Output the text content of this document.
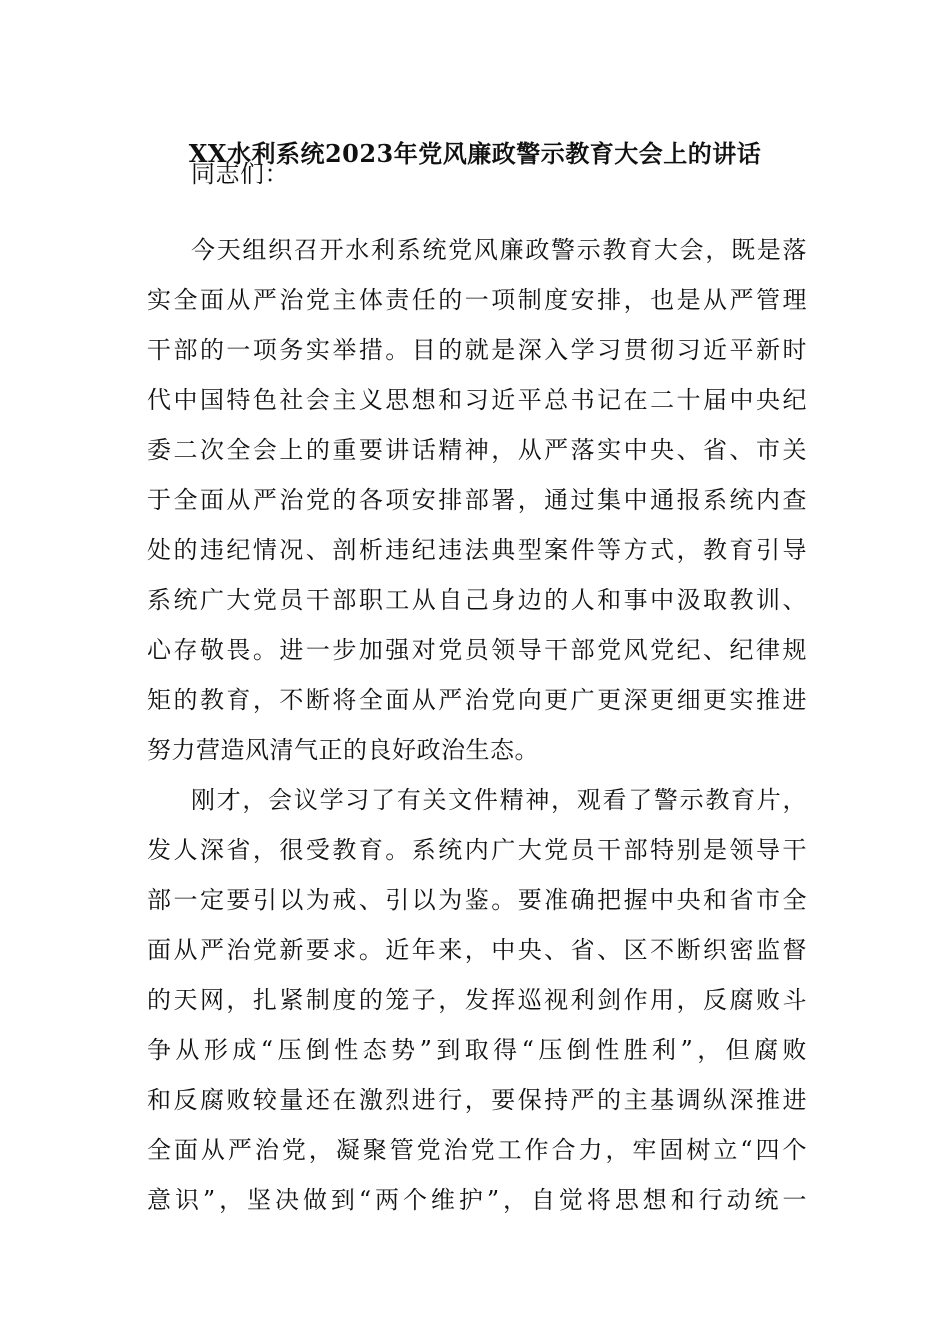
XX水利系统2023年党风廉政警示教育大会上的讲话
同志们：
今天组织召开水利系统党风廉政警示教育大会，既是落
实全面从严治党主体责任的一项制度安排，也是从严管理
干部的一项务实举措。目的就是深入学习贯彻习近平新时
代中国特色社会主义思想和习近平总书记在二十届中央纪
委二次全会上的重要讲话精神，从严落实中央、省、市关
于全面从严治党的各项安排部署，通过集中通报系统内查
处的违纪情况、剖析违纪违法典型案件等方式，教育引导
系统广大党员干部职工从自己身边的人和事中汲取教训、
心存敬畏。进一步加强对党员领导干部党风党纪、纪律规
矩的教育，不断将全面从严治党向更广更深更细更实推进
努力营造风清气正的良好政治生态。
刚才，会议学习了有关文件精神，观看了警示教育片，
发人深省，很受教育。系统内广大党员干部特别是领导干
部一定要引以为戒、引以为鉴。要准确把握中央和省市全
面从严治党新要求。近年来，中央、省、区不断织密监督
的天网，扎紧制度的笼子，发挥巡视利剑作用，反腐败斗
争从形成“压倒性态势”到取得“压倒性胜利”，但腐败
和反腐败较量还在激烈进行，要保持严的主基调纵深推进
全面从严治党，凝聚管党治党工作合力，牢固树立“四个
意识”，坚决做到“两个维护”，自觉将思想和行动统一
